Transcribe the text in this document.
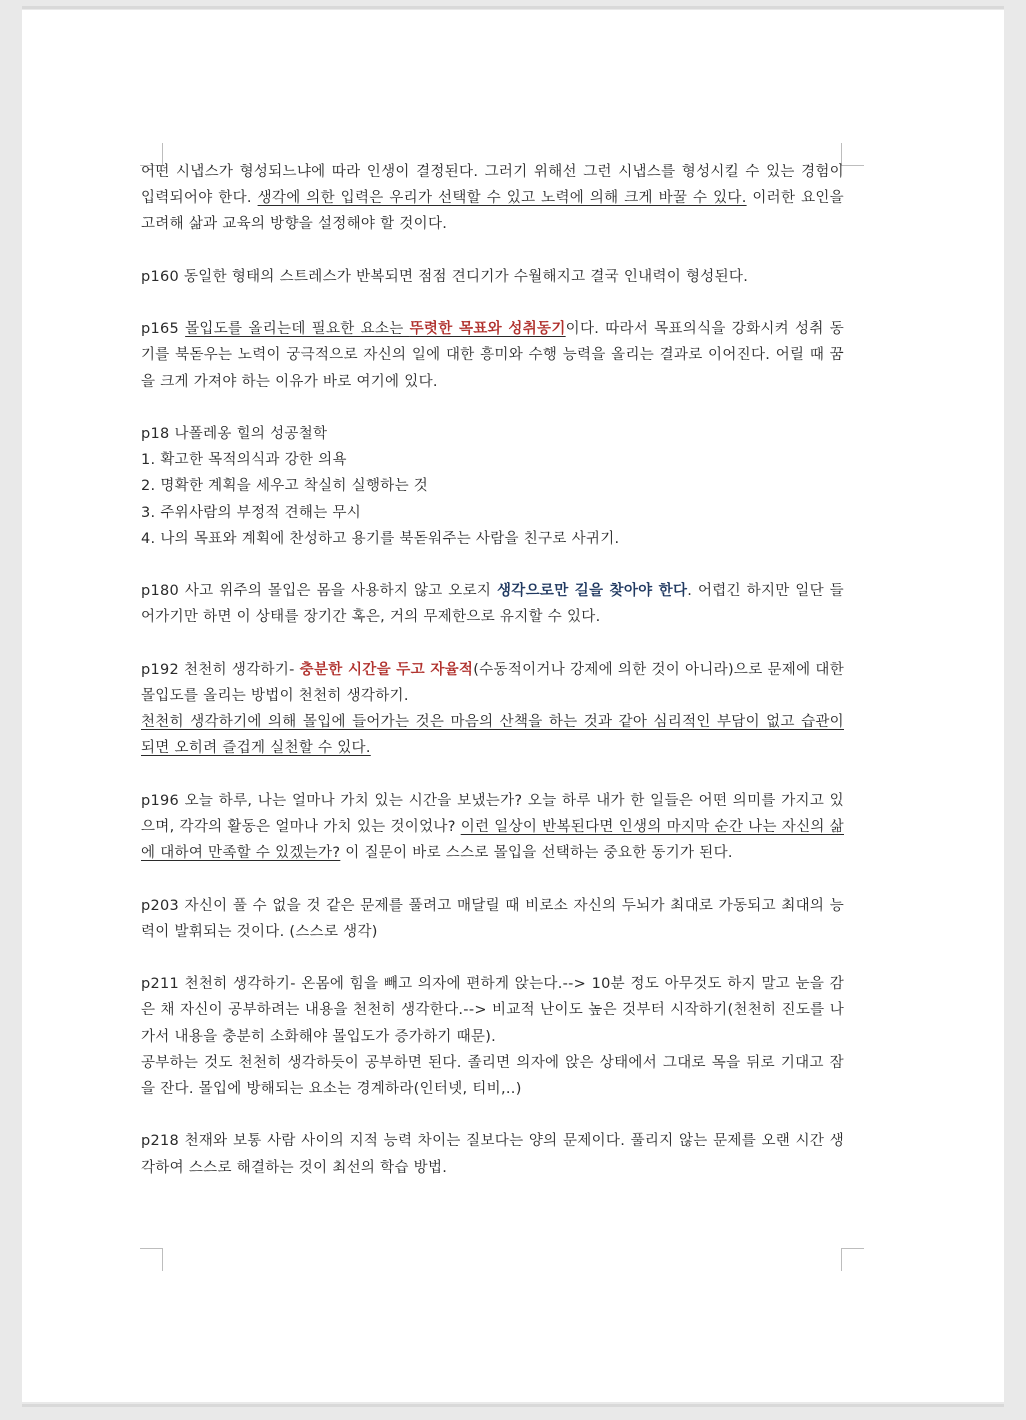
어떤 시냅스가 형성되느냐에 따라 인생이 결정된다. 그러기 위해선 그런 시냅스를 형성시킬 수 있는 경험이 입력되어야 한다. 생각에 의한 입력은 우리가 선택할 수 있고 노력에 의해 크게 바꿀 수 있다. 이러한 요인을 고려해 삶과 교육의 방향을 설정해야 할 것이다.

p160 동일한 형태의 스트레스가 반복되면 점점 견디기가 수월해지고 결국 인내력이 형성된다.

p165 몰입도를 올리는데 필요한 요소는 뚜렷한 목표와 성취동기이다. 따라서 목표의식을 강화시켜 성취 동기를 북돋우는 노력이 궁극적으로 자신의 일에 대한 흥미와 수행 능력을 올리는 결과로 이어진다. 어릴 때 꿈을 크게 가져야 하는 이유가 바로 여기에 있다.

p18 나폴레옹 힐의 성공철학

1. 확고한 목적의식과 강한 의욕

2. 명확한 계획을 세우고 착실히 실행하는 것

3. 주위사람의 부정적 견해는 무시

4. 나의 목표와 계획에 찬성하고 용기를 북돋워주는 사람을 친구로 사귀기.

p180 사고 위주의 몰입은 몸을 사용하지 않고 오로지 생각으로만 길을 찾아야 한다. 어렵긴 하지만 일단 들어가기만 하면 이 상태를 장기간 혹은, 거의 무제한으로 유지할 수 있다.

p192 천천히 생각하기- 충분한 시간을 두고 자율적(수동적이거나 강제에 의한 것이 아니라)으로 문제에 대한 몰입도를 올리는 방법이 천천히 생각하기.

천천히 생각하기에 의해 몰입에 들어가는 것은 마음의 산책을 하는 것과 같아 심리적인 부담이 없고 습관이 되면 오히려 즐겁게 실천할 수 있다.

p196 오늘 하루, 나는 얼마나 가치 있는 시간을 보냈는가? 오늘 하루 내가 한 일들은 어떤 의미를 가지고 있으며, 각각의 활동은 얼마나 가치 있는 것이었나? 이런 일상이 반복된다면 인생의 마지막 순간 나는 자신의 삶에 대하여 만족할 수 있겠는가? 이 질문이 바로 스스로 몰입을 선택하는 중요한 동기가 된다.

p203 자신이 풀 수 없을 것 같은 문제를 풀려고 매달릴 때 비로소 자신의 두뇌가 최대로 가동되고 최대의 능력이 발휘되는 것이다. (스스로 생각)

p211 천천히 생각하기- 온몸에 힘을 빼고 의자에 편하게 앉는다.--> 10분 정도 아무것도 하지 말고 눈을 감은 채 자신이 공부하려는 내용을 천천히 생각한다.--> 비교적 난이도 높은 것부터 시작하기(천천히 진도를 나가서 내용을 충분히 소화해야 몰입도가 증가하기 때문).

공부하는 것도 천천히 생각하듯이 공부하면 된다. 졸리면 의자에 앉은 상태에서 그대로 목을 뒤로 기대고 잠을 잔다. 몰입에 방해되는 요소는 경계하라(인터넷, 티비,..)

p218 천재와 보통 사람 사이의 지적 능력 차이는 질보다는 양의 문제이다. 풀리지 않는 문제를 오랜 시간 생각하여 스스로 해결하는 것이 최선의 학습 방법.
